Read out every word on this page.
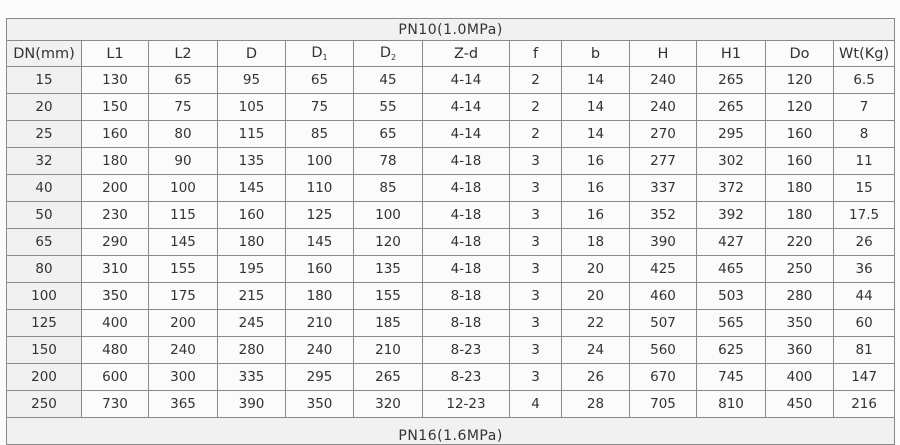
PN10(1.0MPa)												
DN(mm)	L1	L2	D	$D_1$	$D_2$	Z-d	f	b	H	H1	Do	Wt(Kg)
15	130	65	95	65	45	4-14	2	14	240	265	120	6.5
20	150	75	105	75	55	4-14	2	14	240	265	120	7
25	160	80	115	85	65	4-14	2	14	270	295	160	8
32	180	90	135	100	78	4-18	3	16	277	302	160	11
40	200	100	145	110	85	4-18	3	16	337	372	180	15
50	230	115	160	125	100	4-18	3	16	352	392	180	17.5
65	290	145	180	145	120	4-18	3	18	390	427	220	26
80	310	155	195	160	135	4-18	3	20	425	465	250	36
100	350	175	215	180	155	8-18	3	20	460	503	280	44
125	400	200	245	210	185	8-18	3	22	507	565	350	60
150	480	240	280	240	210	8-23	3	24	560	625	360	81
200	600	300	335	295	265	8-23	3	26	670	745	400	147
250	730	365	390	350	320	12-23	4	28	705	810	450	216
PN16(1.6MPa)												
